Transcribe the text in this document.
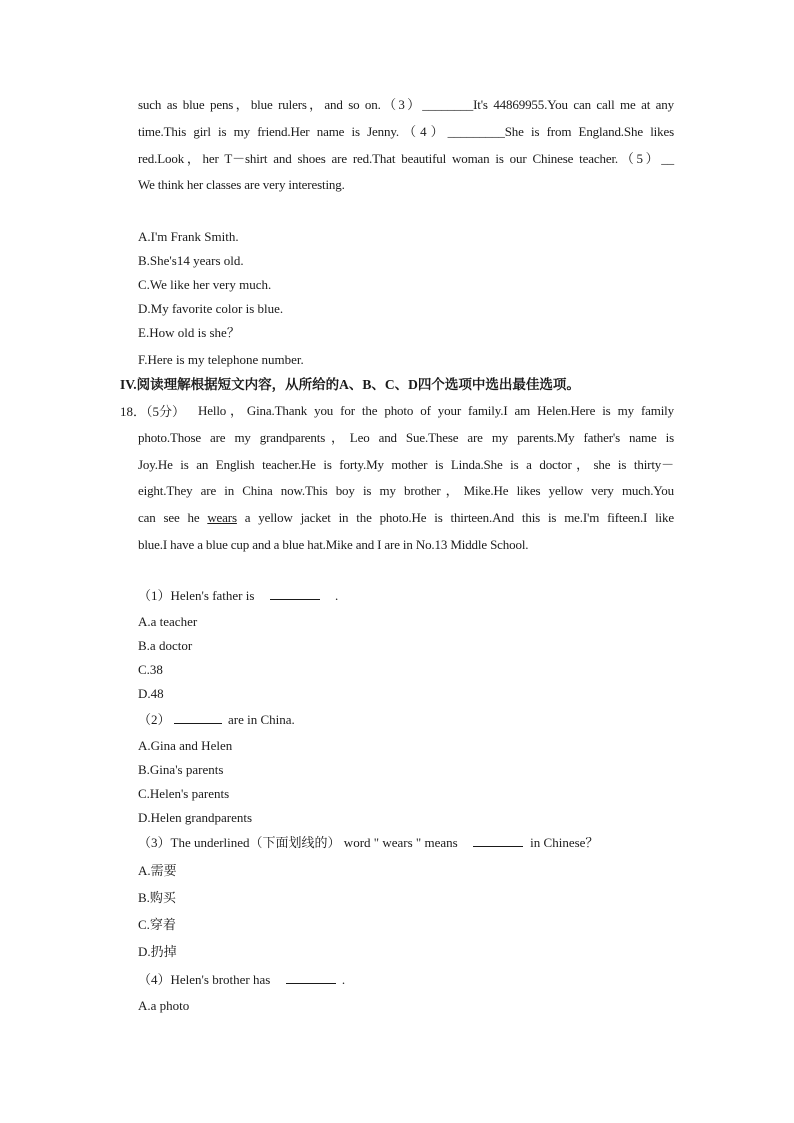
such as blue pens，blue rulers，and so on.（3）________It's 44869955.You can call me at any
time.This girl is my friend.Her name is Jenny.（4）_________She is from England.She likes
red.Look，her T－shirt and shoes are red.That beautiful woman is our Chinese teacher.（5）__
We think her classes are very interesting.
A.I'm Frank Smith.
B.She's14 years old.
C.We like her very much.
D.My favorite color is blue.
E.How old is she？
F.Here is my telephone number.
IV.阅读理解根据短文内容，从所给的A、B、C、D四个选项中选出最佳选项。
18．（5分） Hello，Gina.Thank you for the photo of your family.I am Helen.Here is my family
photo.Those are my grandparents，Leo and Sue.These are my parents.My father's name is
Joy.He is an English teacher.He is forty.My mother is Linda.She is a doctor，she is thirty－
eight.They are in China now.This boy is my brother，Mike.He likes yellow very much.You
can see he wears a yellow jacket in the photo.He is thirteen.And this is me.I'm fifteen.I like
blue.I have a blue cup and a blue hat.Mike and I are in No.13 Middle School.
（1）Helen's father is	.
A.a teacher
B.a doctor
C.38
D.48
（2）	are in China.
A.Gina and Helen
B.Gina's parents
C.Helen's parents
D.Helen grandparents
（3）The underlined（下面划线的） word " wears " means	in Chinese？
A.需要
B.购买
C.穿着
D.扔掉
（4）Helen's brother has	.
A.a photo
